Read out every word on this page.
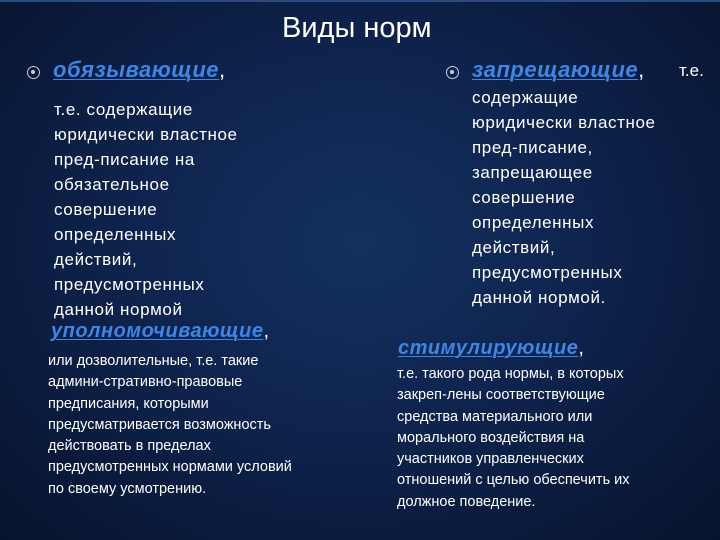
Виды норм
обязывающие,
т.е. содержащие
юридически властное
пред-писание на
обязательное
совершение
определенных
действий,
предусмотренных
данной нормой
запрещающие, т.е.
содержащие
юридически властное
пред-писание,
запрещающее
совершение
определенных
действий,
предусмотренных
данной нормой.
уполномочивающие,
или дозволительные, т.е. такие
админи-стративно-правовые
предписания, которыми
предусматривается возможность
действовать в пределах
предусмотренных нормами условий
по своему усмотрению.
стимулирующие,
т.е. такого рода нормы, в которых
закреп-лены соответствующие
средства материального или
морального воздействия на
участников управленческих
отношений с целью обеспечить их
должное поведение.
